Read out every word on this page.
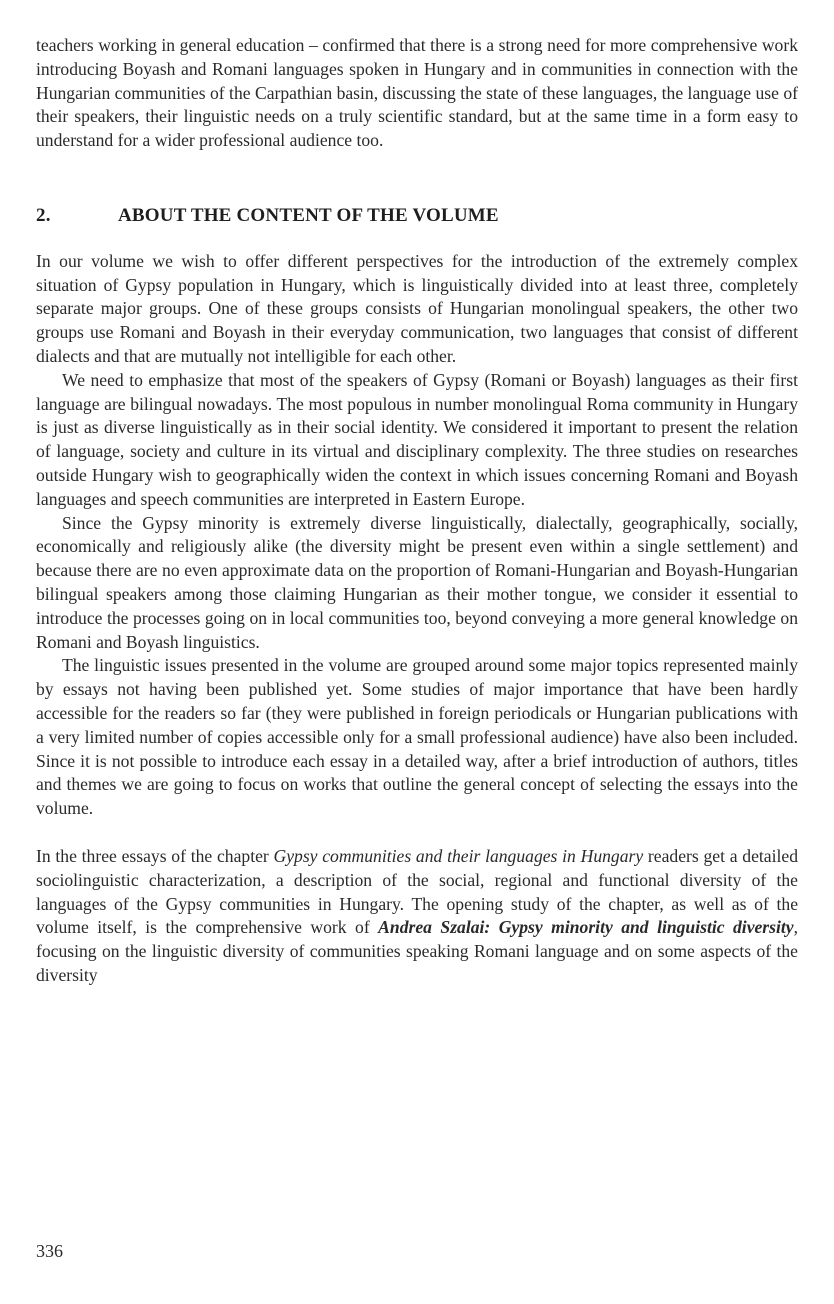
teachers working in general education – confirmed that there is a strong need for more comprehensive work introducing Boyash and Romani languages spoken in Hungary and in communities in connection with the Hungarian communities of the Carpathian basin, discussing the state of these languages, the language use of their speakers, their linguistic needs on a truly scientific standard, but at the same time in a form easy to understand for a wider professional audience too.

2.	ABOUT THE CONTENT OF THE VOLUME

In our volume we wish to offer different perspectives for the introduction of the extremely complex situation of Gypsy population in Hungary, which is linguistically divided into at least three, completely separate major groups. One of these groups consists of Hungarian monolingual speakers, the other two groups use Romani and Boyash in their everyday communication, two languages that consist of different dialects and that are mutually not intelligible for each other.

We need to emphasize that most of the speakers of Gypsy (Romani or Boyash) languages as their first language are bilingual nowadays. The most populous in number monolingual Roma community in Hungary is just as diverse linguistically as in their social identity. We considered it important to present the relation of language, society and culture in its virtual and disciplinary complexity. The three studies on researches outside Hungary wish to geographically widen the context in which issues concerning Romani and Boyash languages and speech communities are interpreted in Eastern Europe.

Since the Gypsy minority is extremely diverse linguistically, dialectally, geographically, socially, economically and religiously alike (the diversity might be present even within a single settlement) and because there are no even approximate data on the proportion of Romani-Hungarian and Boyash-Hungarian bilingual speakers among those claiming Hungarian as their mother tongue, we consider it essential to introduce the processes going on in local communities too, beyond conveying a more general knowledge on Romani and Boyash linguistics.

The linguistic issues presented in the volume are grouped around some major topics represented mainly by essays not having been published yet. Some studies of major importance that have been hardly accessible for the readers so far (they were published in foreign periodicals or Hungarian publications with a very limited number of copies accessible only for a small professional audience) have also been included. Since it is not possible to introduce each essay in a detailed way, after a brief introduction of authors, titles and themes we are going to focus on works that outline the general concept of selecting the essays into the volume.

In the three essays of the chapter Gypsy communities and their languages in Hungary readers get a detailed sociolinguistic characterization, a description of the social, regional and functional diversity of the languages of the Gypsy communities in Hungary. The opening study of the chapter, as well as of the volume itself, is the comprehensive work of Andrea Szalai: Gypsy minority and linguistic diversity, focusing on the linguistic diversity of communities speaking Romani language and on some aspects of the diversity

336
